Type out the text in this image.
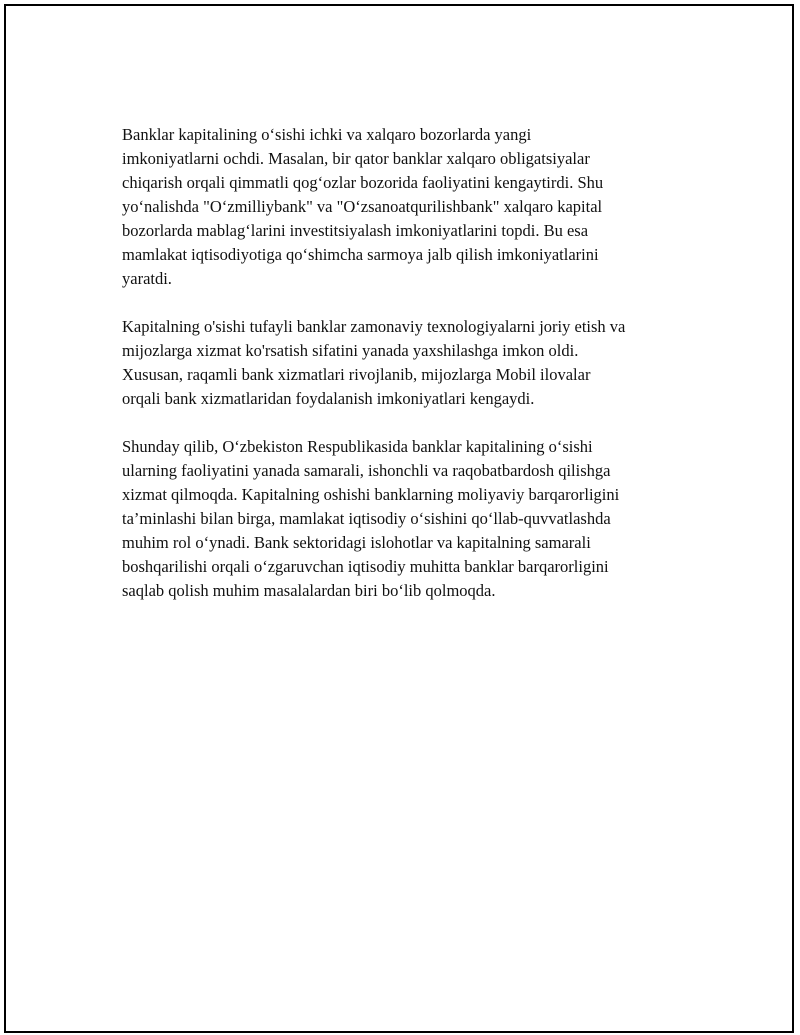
Banklar kapitalining o‘sishi ichki va xalqaro bozorlarda yangi
imkoniyatlarni ochdi. Masalan, bir qator banklar xalqaro obligatsiyalar
chiqarish orqali qimmatli qog‘ozlar bozorida faoliyatini kengaytirdi. Shu
yo‘nalishda "O‘zmilliybank" va "O‘zsanoatqurilishbank" xalqaro kapital
bozorlarda mablag‘larini investitsiyalash imkoniyatlarini topdi. Bu esa
mamlakat iqtisodiyotiga qo‘shimcha sarmoya jalb qilish imkoniyatlarini
yaratdi.

Kapitalning o'sishi tufayli banklar zamonaviy texnologiyalarni joriy etish va
mijozlarga xizmat ko'rsatish sifatini yanada yaxshilashga imkon oldi.
Xususan, raqamli bank xizmatlari rivojlanib, mijozlarga Mobil ilovalar
orqali bank xizmatlaridan foydalanish imkoniyatlari kengaydi.

Shunday qilib, O‘zbekiston Respublikasida banklar kapitalining o‘sishi
ularning faoliyatini yanada samarali, ishonchli va raqobatbardosh qilishga
xizmat qilmoqda. Kapitalning oshishi banklarning moliyaviy barqarorligini
ta’minlashi bilan birga, mamlakat iqtisodiy o‘sishini qo‘llab-quvvatlashda
muhim rol o‘ynadi. Bank sektoridagi islohotlar va kapitalning samarali
boshqarilishi orqali o‘zgaruvchan iqtisodiy muhitta banklar barqarorligini
saqlab qolish muhim masalalardan biri bo‘lib qolmoqda.
